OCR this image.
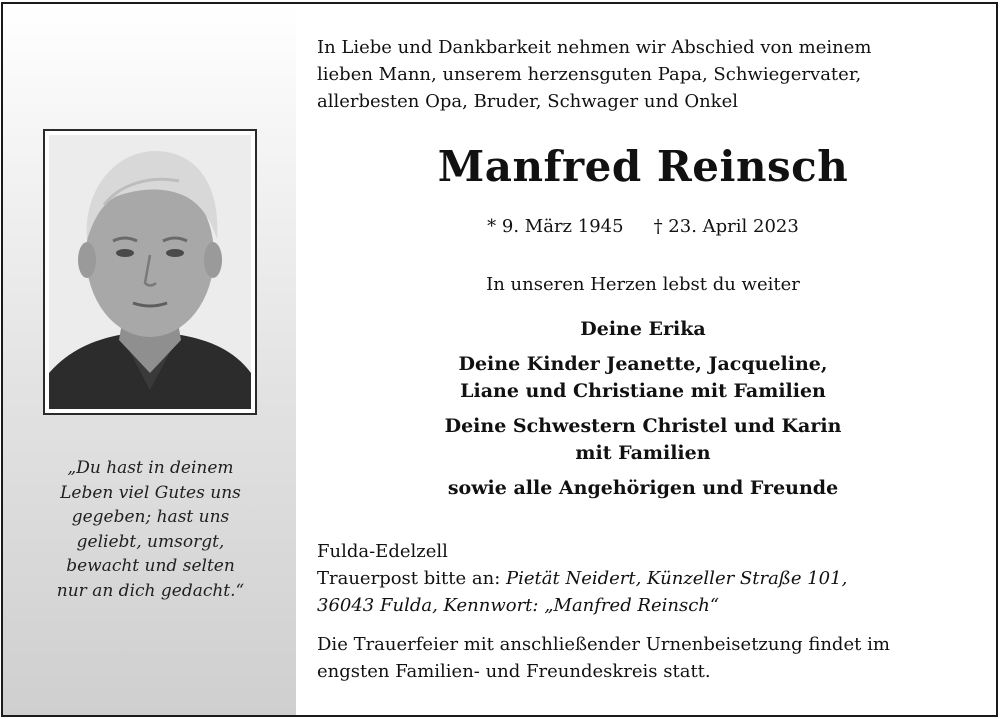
„Du hast in deinem
Leben viel Gutes uns
gegeben; hast uns
geliebt, umsorgt,
bewacht und selten
nur an dich gedacht.“
In Liebe und Dankbarkeit nehmen wir Abschied von meinem
lieben Mann, unserem herzensguten Papa, Schwiegervater,
allerbesten Opa, Bruder, Schwager und Onkel
Manfred Reinsch
* 9. März 1945 † 23. April 2023
In unseren Herzen lebst du weiter
Deine Erika
Deine Kinder Jeanette, Jacqueline,
Liane und Christiane mit Familien
Deine Schwestern Christel und Karin
mit Familien
sowie alle Angehörigen und Freunde
Fulda-Edelzell
Trauerpost bitte an: Pietät Neidert, Künzeller Straße 101,
36043 Fulda, Kennwort: „Manfred Reinsch“
Die Trauerfeier mit anschließender Urnenbeisetzung findet im
engsten Familien- und Freundeskreis statt.
